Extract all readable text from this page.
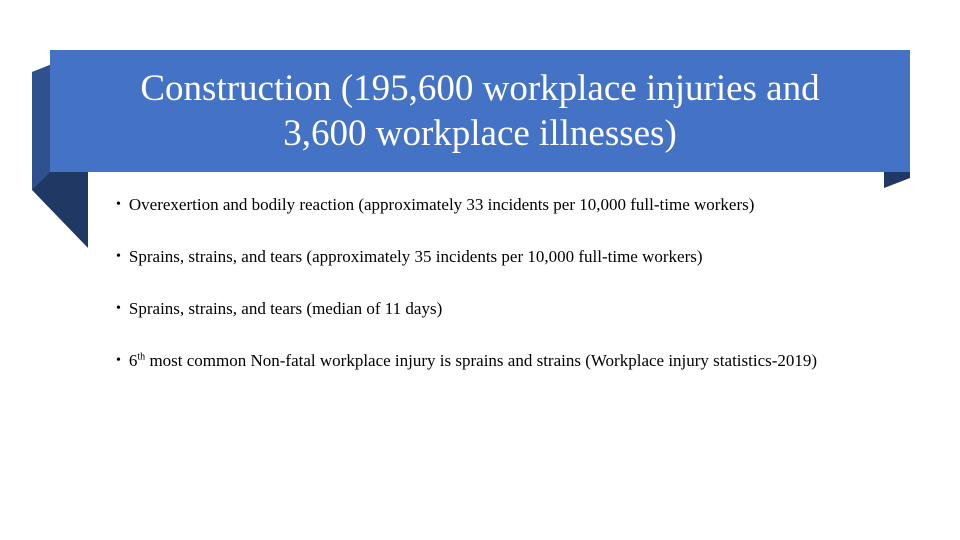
Construction (195,600 workplace injuries and 3,600 workplace illnesses)
• Overexertion and bodily reaction (approximately 33 incidents per 10,000 full-time workers)
• Sprains, strains, and tears (approximately 35 incidents per 10,000 full-time workers)
• Sprains, strains, and tears (median of 11 days)
• 6th most common Non-fatal workplace injury is sprains and strains (Workplace injury statistics-2019)
